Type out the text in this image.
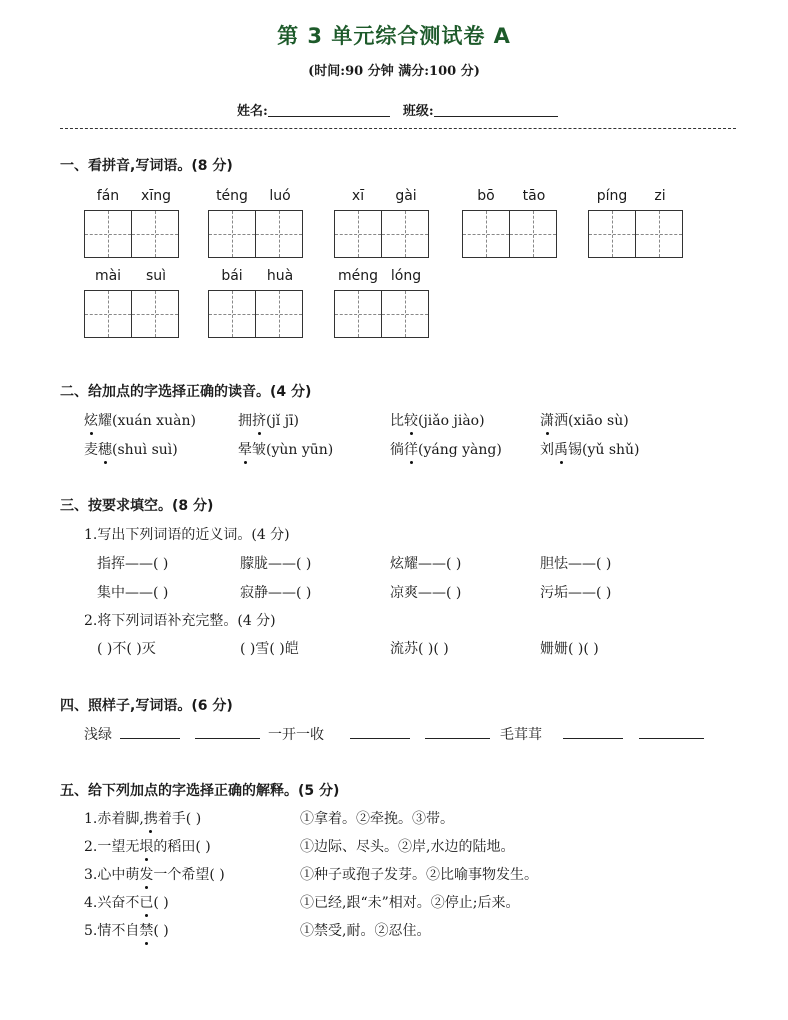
第 3 单元综合测试卷 A
(时间:90 分钟 满分:100 分)
姓名:	班级:
一、看拼音,写词语。(8 分)
fán	xīng	téng	luó	xī	gài	bō	tāo	píng	zi
mài	suì	bái	huà	méng lóng
二、给加点的字选择正确的读音。(4 分)
炫耀(xuán xuàn)	拥挤(jǐ jī)	比较(jiǎo jiào)	潇洒(xiāo sù)
麦穗(shuì suì)	晕皱(yùn yūn)	徜徉(yáng yàng)	刘禹锡(yǔ shǔ)
三、按要求填空。(8 分)
1.写出下列词语的近义词。(4 分)
指挥——( )	朦胧——( )	炫耀——( )	胆怯——( )
集中——( )	寂静——( )	凉爽——( )	污垢——( )
2.将下列词语补充完整。(4 分)
( )不( )灭	( )雪( )皑	流苏( )( )	姗姗( )( )
四、照样子,写词语。(6 分)
浅绿	一开一收	毛茸茸
五、给下列加点的字选择正确的解释。(5 分)
1.赤着脚,携着手( )	①拿着。②牵挽。③带。
2.一望无垠的稻田( )	①边际、尽头。②岸,水边的陆地。
3.心中萌发一个希望( )	①种子或孢子发芽。②比喻事物发生。
4.兴奋不已( )	①已经,跟“未”相对。②停止;后来。
5.情不自禁( )	①禁受,耐。②忍住。
